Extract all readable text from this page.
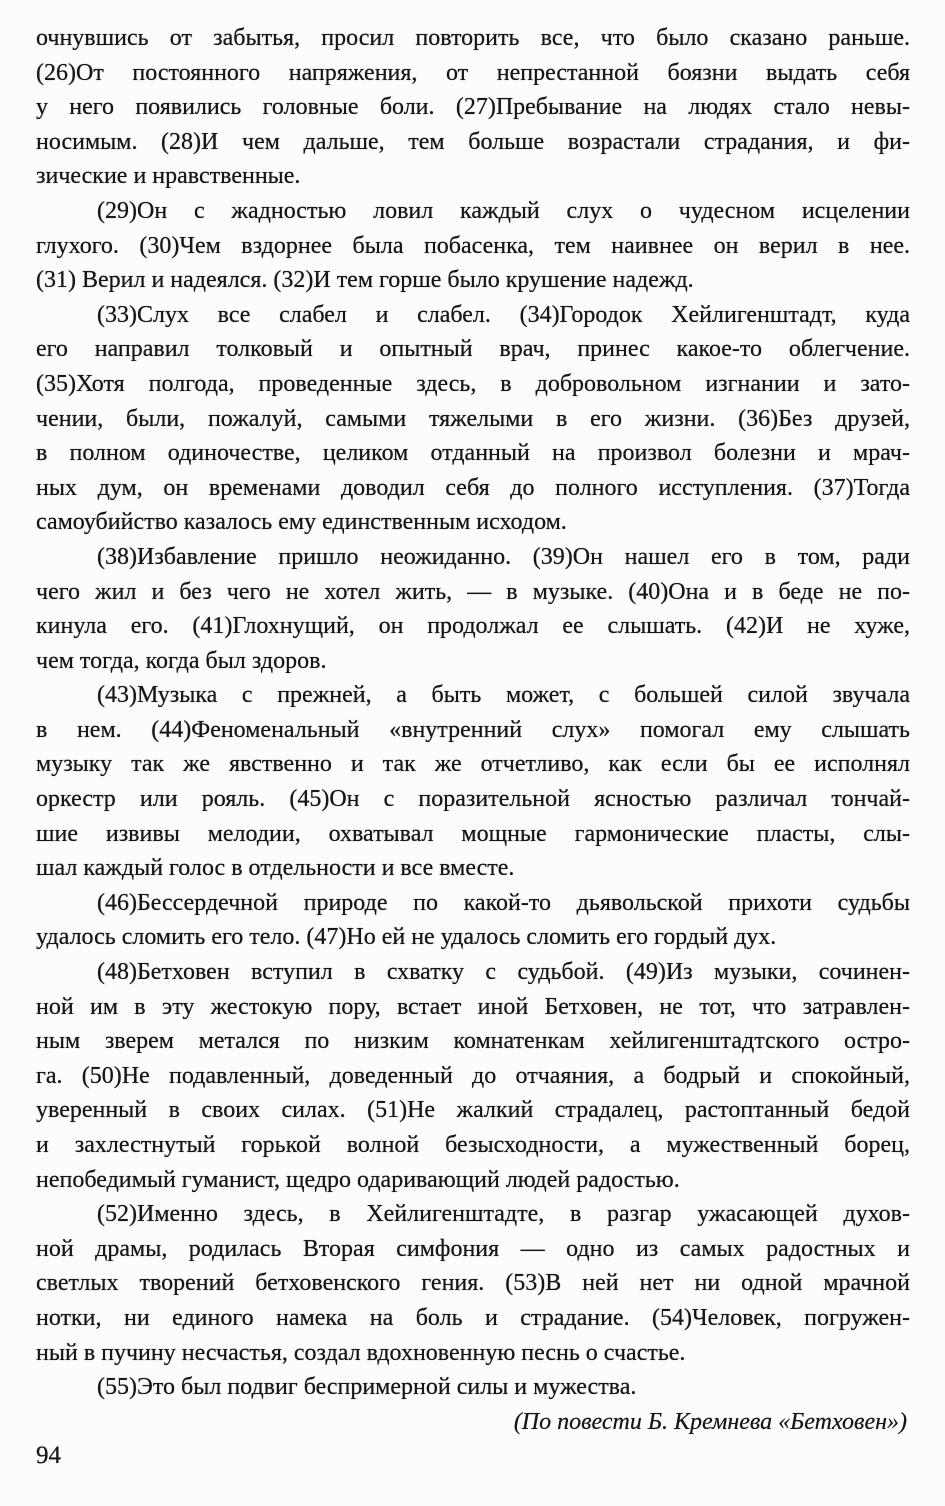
очнувшись от забытья, просил повторить все, что было сказано раньше.
(26)От постоянного напряжения, от непрестанной боязни выдать себя
у него появились головные боли. (27)Пребывание на людях стало невы-
носимым. (28)И чем дальше, тем больше возрастали страдания, и фи-
зические и нравственные.
(29)Он с жадностью ловил каждый слух о чудесном исцелении
глухого. (30)Чем вздорнее была побасенка, тем наивнее он верил в нее.
(31) Верил и надеялся. (32)И тем горше было крушение надежд.
(33)Слух все слабел и слабел. (34)Городок Хейлигенштадт, куда
его направил толковый и опытный врач, принес какое-то облегчение.
(35)Хотя полгода, проведенные здесь, в добровольном изгнании и зато-
чении, были, пожалуй, самыми тяжелыми в его жизни. (36)Без друзей,
в полном одиночестве, целиком отданный на произвол болезни и мрач-
ных дум, он временами доводил себя до полного исступления. (37)Тогда
самоубийство казалось ему единственным исходом.
(38)Избавление пришло неожиданно. (39)Он нашел его в том, ради
чего жил и без чего не хотел жить, — в музыке. (40)Она и в беде не по-
кинула его. (41)Глохнущий, он продолжал ее слышать. (42)И не хуже,
чем тогда, когда был здоров.
(43)Музыка с прежней, а быть может, с большей силой звучала
в нем. (44)Феноменальный «внутренний слух» помогал ему слышать
музыку так же явственно и так же отчетливо, как если бы ее исполнял
оркестр или рояль. (45)Он с поразительной ясностью различал тончай-
шие извивы мелодии, охватывал мощные гармонические пласты, слы-
шал каждый голос в отдельности и все вместе.
(46)Бессердечной природе по какой-то дьявольской прихоти судьбы
удалось сломить его тело. (47)Но ей не удалось сломить его гордый дух.
(48)Бетховен вступил в схватку с судьбой. (49)Из музыки, сочинен-
ной им в эту жестокую пору, встает иной Бетховен, не тот, что затравлен-
ным зверем метался по низким комнатенкам хейлигенштадтского остро-
га. (50)Не подавленный, доведенный до отчаяния, а бодрый и спокойный,
уверенный в своих силах. (51)Не жалкий страдалец, растоптанный бедой
и захлестнутый горькой волной безысходности, а мужественный борец,
непобедимый гуманист, щедро одаривающий людей радостью.
(52)Именно здесь, в Хейлигенштадте, в разгар ужасающей духов-
ной драмы, родилась Вторая симфония — одно из самых радостных и
светлых творений бетховенского гения. (53)В ней нет ни одной мрачной
нотки, ни единого намека на боль и страдание. (54)Человек, погружен-
ный в пучину несчастья, создал вдохновенную песнь о счастье.
(55)Это был подвиг беспримерной силы и мужества.
(По повести Б. Кремнева «Бетховен»)
94
